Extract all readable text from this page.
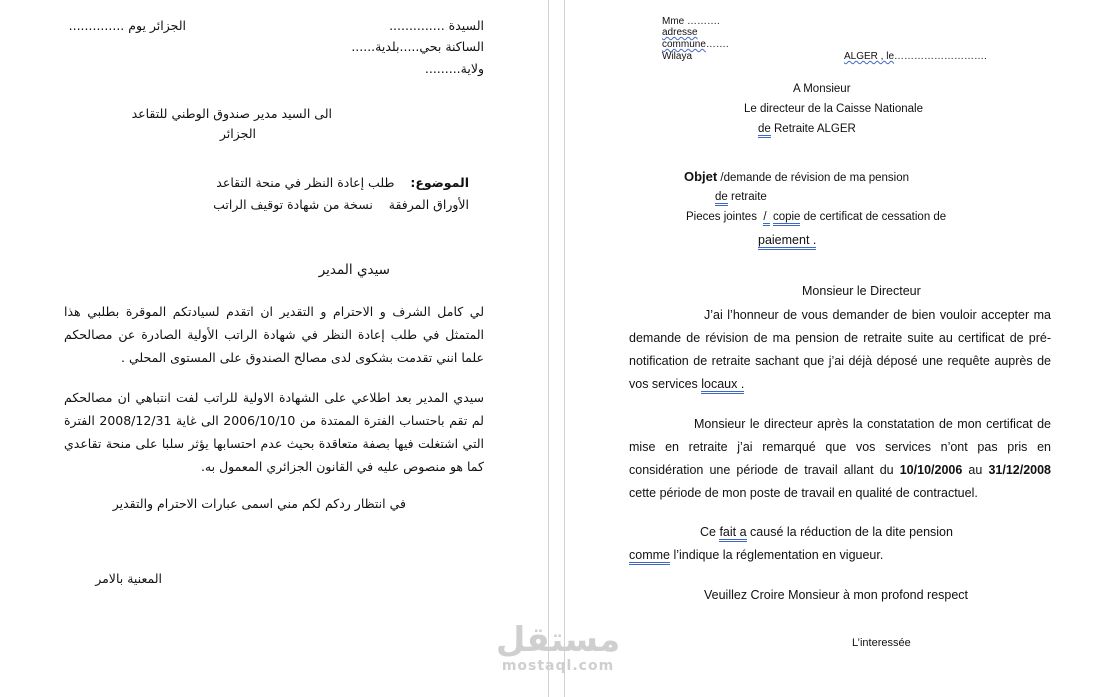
الجزائر يوم ..............	السيدة ..............
الساكنة بحي.....بلدية......
ولاية.........
الى السيد مدير صندوق الوطني للتقاعد
الجزائر
الموضوع:    طلب إعادة النظر في منحة التقاعد
الأوراق المرفقة    نسخة من شهادة توقيف الراتب
سيدي المدير
لي كامل الشرف و الاحترام و التقدير ان اتقدم لسيادتكم الموقرة بطلبي هذا المتمثل في طلب إعادة النظر في شهادة الراتب الأولية الصادرة عن مصالحكم علما انني تقدمت بشكوى لدى مصالح الصندوق على المستوى المحلي .
سيدي المدير بعد اطلاعي على الشهادة الاولية للراتب لفت انتباهي ان مصالحكم لم تقم باحتساب الفترة الممتدة من 2006/10/10 الى غاية 2008/12/31 الفترة التي اشتغلت فيها بصفة متعاقدة بحيث عدم احتسابها يؤثر سلبا على منحة تقاعدي كما هو منصوص عليه في القانون الجزائري المعمول به.
في انتظار ردكم لكم مني اسمى عبارات الاحترام والتقدير
المعنية بالامر
Mme ……….
adresse
commune…….
Wilaya	ALGER , le……………………….
A Monsieur
Le directeur de la Caisse Nationale
de Retraite ALGER
Objet /demande de révision de ma pension
de retraite
Pieces jointes /  copie de certificat de cessation de
paiement .
Monsieur le Directeur
J’ai l’honneur de vous demander de bien vouloir accepter ma demande de révision de ma pension de retraite suite au certificat de pré-notification de retraite sachant que j’ai déjà déposé une requête auprès de vos services locaux .
Monsieur le directeur après la constatation de mon certificat de mise en retraite j’ai remarqué que vos services n’ont pas pris en considération une période de travail allant du 10/10/2006 au 31/12/2008 cette période de mon poste de travail en qualité de contractuel.
Ce fait a causé la réduction de la dite pension
comme l’indique la réglementation en vigueur.
Veuillez Croire Monsieur à mon profond respect
L’interessée
مستقل
mostaql.com
